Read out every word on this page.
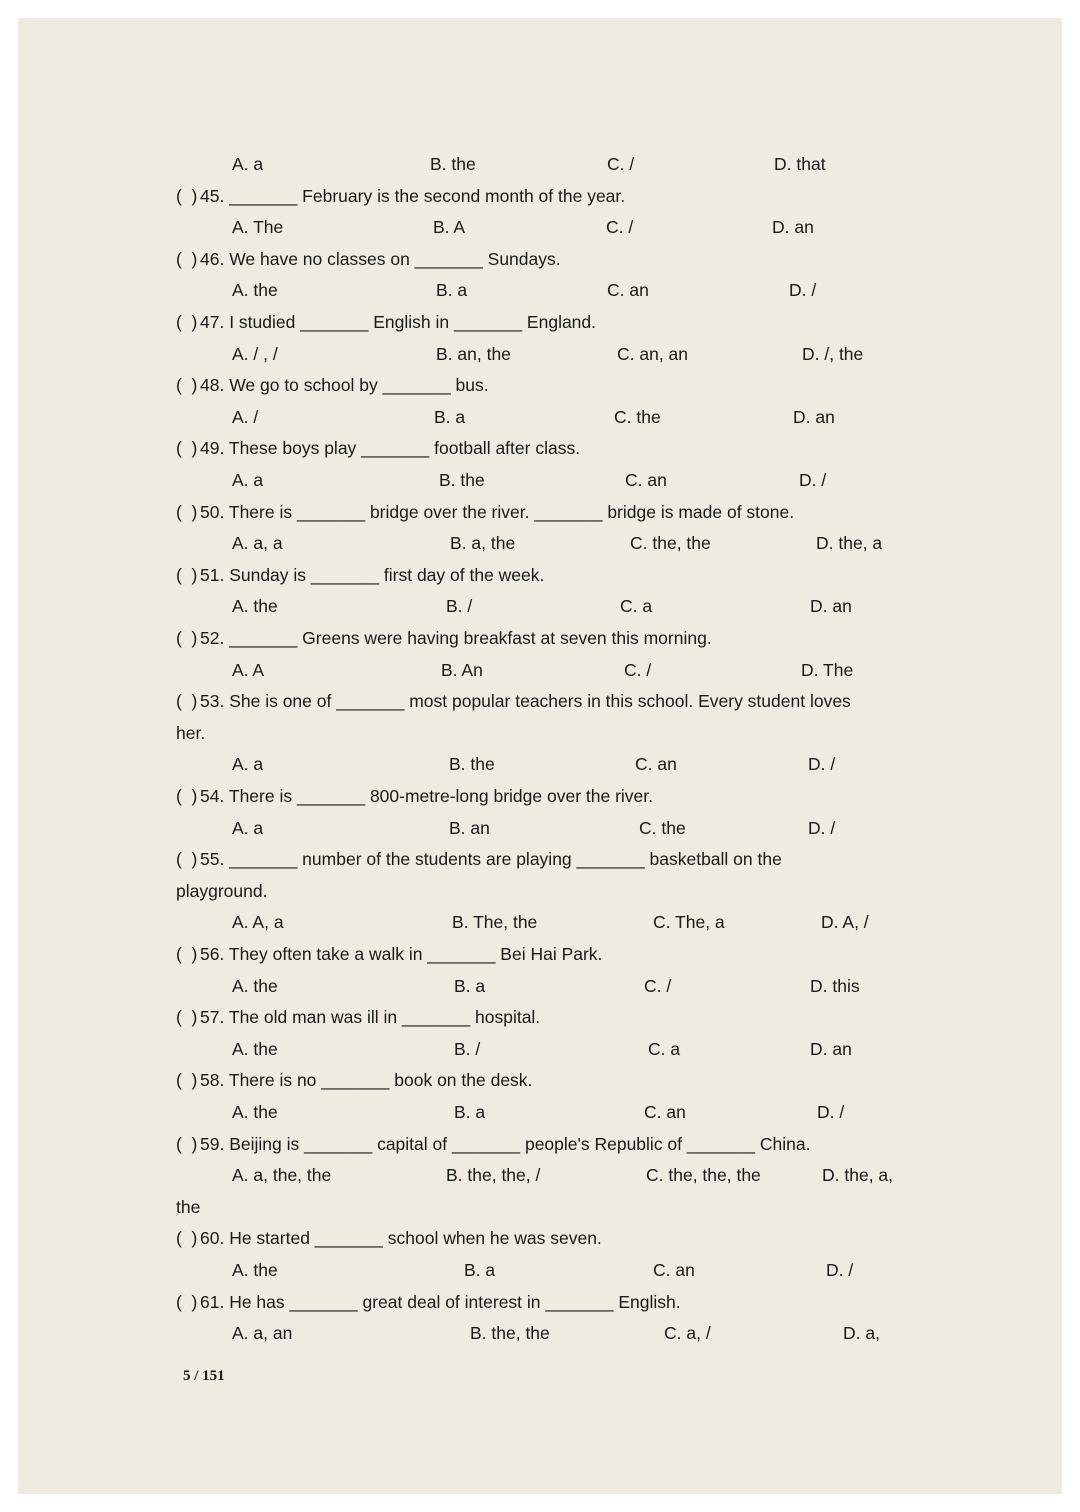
A. a	B. the	C. /	D. that
(  ) 45. _______ February is the second month of the year.
A. The	B. A	C. /	D. an
(  ) 46. We have no classes on _______ Sundays.
A. the	B. a	C. an	D. /
(  ) 47. I studied _______ English in _______ England.
A. / , /	B. an, the	C. an, an	D. /, the
(  ) 48. We go to school by _______ bus.
A. /	B. a	C. the	D. an
(  ) 49. These boys play _______ football after class.
A. a	B. the	C. an	D. /
(  ) 50. There is _______ bridge over the river. _______ bridge is made of stone.
A. a, a	B. a, the	C. the, the	D. the, a
(  ) 51. Sunday is _______ first day of the week.
A. the	B. /	C. a	D. an
(  ) 52. _______ Greens were having breakfast at seven this morning.
A. A	B. An	C. /	D. The
(  ) 53. She is one of _______ most popular teachers in this school. Every student loves
her.
A. a	B. the	C. an	D. /
(  ) 54. There is _______ 800-metre-long bridge over the river.
A. a	B. an	C. the	D. /
(  ) 55. _______ number of the students are playing _______ basketball on the
playground.
A. A, a	B. The, the	C. The, a	D. A, /
(  ) 56. They often take a walk in _______ Bei Hai Park.
A. the	B. a	C. /	D. this
(  ) 57. The old man was ill in _______ hospital.
A. the	B. /	C. a	D. an
(  ) 58. There is no _______ book on the desk.
A. the	B. a	C. an	D. /
(  ) 59. Beijing is _______ capital of _______ people's Republic of _______ China.
A. a, the, the	B. the, the, /	C. the, the, the	D. the, a,
the
(  ) 60. He started _______ school when he was seven.
A. the	B. a	C. an	D. /
(  ) 61. He has _______ great deal of interest in _______ English.
A. a, an	B. the, the	C. a, /	D. a,
5 / 151
